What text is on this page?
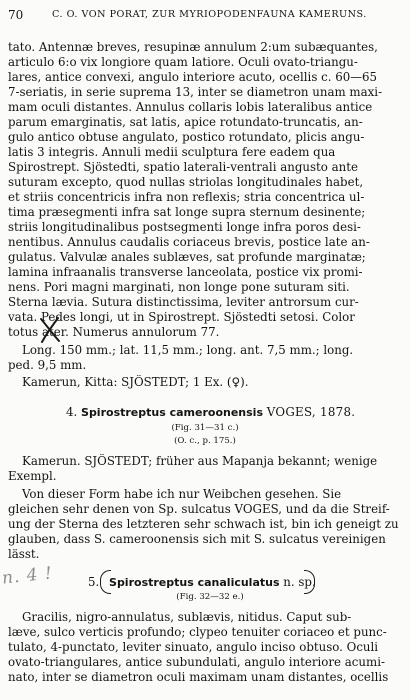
70	C. O. VON PORAT, ZUR MYRIOPODENFAUNA KAMERUNS.
tato. Antennæ breves, resupinæ annulum 2:um subæquantes,
articulo 6:o vix longiore quam latiore. Oculi ovato-triangu-
lares, antice convexi, angulo interiore acuto, ocellis c. 60—65
7-seriatis, in serie suprema 13, inter se diametron unam maxi-
mam oculi distantes. Annulus collaris lobis lateralibus antice
parum emarginatis, sat latis, apice rotundato-truncatis, an-
gulo antico obtuse angulato, postico rotundato, plicis angu-
latis 3 integris. Annuli medii sculptura fere eadem qua
Spirostrept. Sjöstedti, spatio laterali-ventrali angusto ante
suturam excepto, quod nullas striolas longitudinales habet,
et striis concentricis infra non reflexis; stria concentrica ul-
tima præsegmenti infra sat longe supra sternum desinente;
striis longitudinalibus postsegmenti longe infra poros desi-
nentibus. Annulus caudalis coriaceus brevis, postice late an-
gulatus. Valvulæ anales sublæves, sat profunde marginatæ;
lamina infraanalis transverse lanceolata, postice vix promi-
nens. Pori magni marginati, non longe pone suturam siti.
Sterna lævia. Sutura distinctissima, leviter antrorsum cur-
vata. Pedes longi, ut in Spirostrept. Sjöstedti setosi. Color
totus ater. Numerus annulorum 77.
Long. 150 mm.; lat. 11,5 mm.; long. ant. 7,5 mm.; long.
ped. 9,5 mm.
Kamerun, Kitta: SJÖSTEDT; 1 Ex. (♀).
4. Spirostreptus cameroonensis VOGES, 1878.
(Fig. 31—31 c.)
(O. c., p. 175.)
Kamerun. SJÖSTEDT; früher aus Mapanja bekannt; wenige
Exempl.
Von dieser Form habe ich nur Weibchen gesehen. Sie
gleichen sehr denen von Sp. sulcatus VOGES, und da die Streif-
ung der Sterna des letzteren sehr schwach ist, bin ich geneigt zu
glauben, dass S. cameroonensis sich mit S. sulcatus vereinigen
lässt.
n. 4 !	5. Spirostreptus canaliculatus n. sp.
(Fig. 32—32 e.)
Gracilis, nigro-annulatus, sublævis, nitidus. Caput sub-
læve, sulco verticis profundo; clypeo tenuiter coriaceo et punc-
tulato, 4-punctato, leviter sinuato, angulo inciso obtuso. Oculi
ovato-triangulares, antice subundulati, angulo interiore acumi-
nato, inter se diametron oculi maximam unam distantes, ocellis
